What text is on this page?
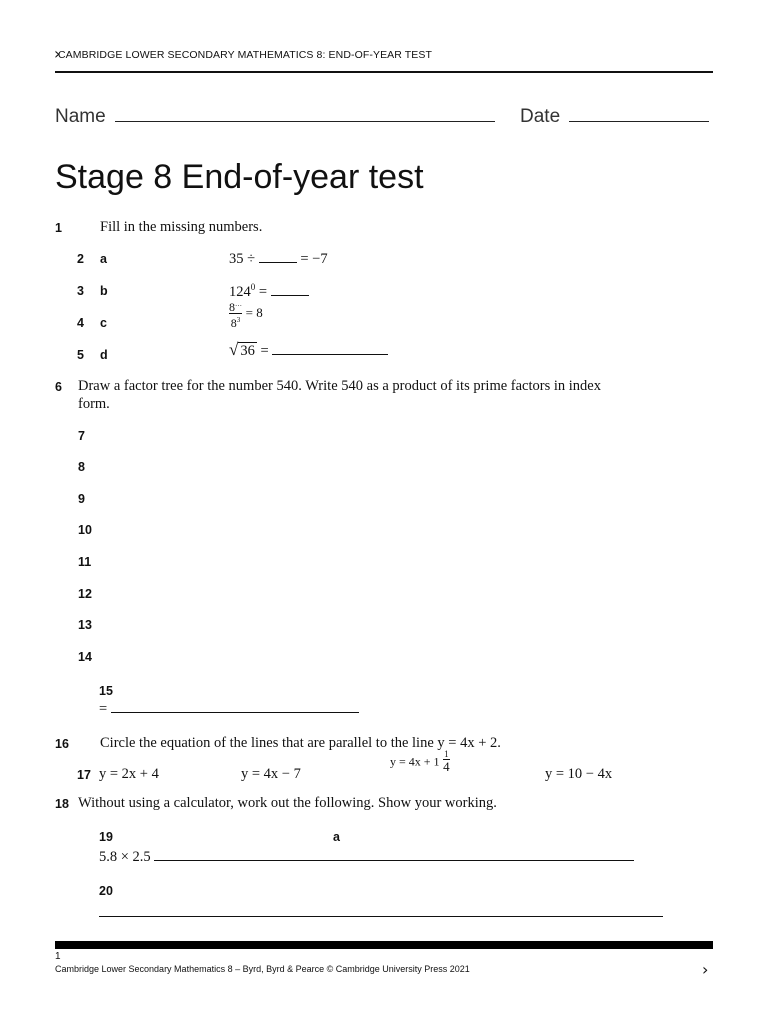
›
CAMBRIDGE LOWER SECONDARY MATHEMATICS 8: END-OF-YEAR TEST
Name	Date
Stage 8 End-of-year test
1	Fill in the missing numbers.
2 a	35 ÷	= −7
3 b	$124^0$ =
4 c	$\frac{8^\dots}{8^3} = 8$
5 d	√ 36 =
6 Draw a factor tree for the number 540. Write 540 as a product of its prime factors in index
form.
7
8
9
10
11
12
13
14
15
=
16 Circle the equation of the lines that are parallel to the line y = 4x + 2.
17 y = 2x + 4	y = 4x − 7
$y = 4x + 1 \frac{1}{4}$	y = 10 − 4x
18 Without using a calculator, work out the following. Show your working.
19	a
5.8 × 2.5
20
1
Cambridge Lower Secondary Mathematics 8 – Byrd, Byrd & Pearce © Cambridge University Press 2021	›
